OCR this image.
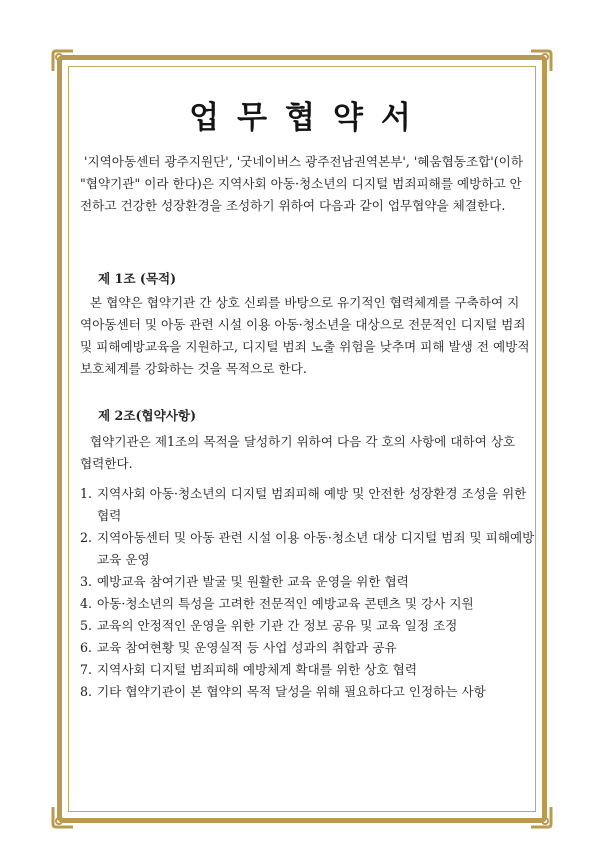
업무협약서

'지역아동센터 광주지원단', '굿네이버스 광주전남권역본부', '혜움협동조합'(이하 "협약기관" 이라 한다)은 지역사회 아동·청소년의 디지털 범죄피해를 예방하고 안전하고 건강한 성장환경을 조성하기 위하여 다음과 같이 업무협약을 체결한다.

제 1조 (목적)

본 협약은 협약기관 간 상호 신뢰를 바탕으로 유기적인 협력체계를 구축하여 지역아동센터 및 아동 관련 시설 이용 아동·청소년을 대상으로 전문적인 디지털 범죄 및 피해예방교육을 지원하고, 디지털 범죄 노출 위험을 낮추며 피해 발생 전 예방적 보호체계를 강화하는 것을 목적으로 한다.

제 2조(협약사항)

협약기관은 제1조의 목적을 달성하기 위하여 다음 각 호의 사항에 대하여 상호 협력한다.

1. 지역사회 아동·청소년의 디지털 범죄피해 예방 및 안전한 성장환경 조성을 위한 협력
2. 지역아동센터 및 아동 관련 시설 이용 아동·청소년 대상 디지털 범죄 및 피해예방교육 운영
3. 예방교육 참여기관 발굴 및 원활한 교육 운영을 위한 협력
4. 아동·청소년의 특성을 고려한 전문적인 예방교육 콘텐츠 및 강사 지원
5. 교육의 안정적인 운영을 위한 기관 간 정보 공유 및 교육 일정 조정
6. 교육 참여현황 및 운영실적 등 사업 성과의 취합과 공유
7. 지역사회 디지털 범죄피해 예방체계 확대를 위한 상호 협력
8. 기타 협약기관이 본 협약의 목적 달성을 위해 필요하다고 인정하는 사항
